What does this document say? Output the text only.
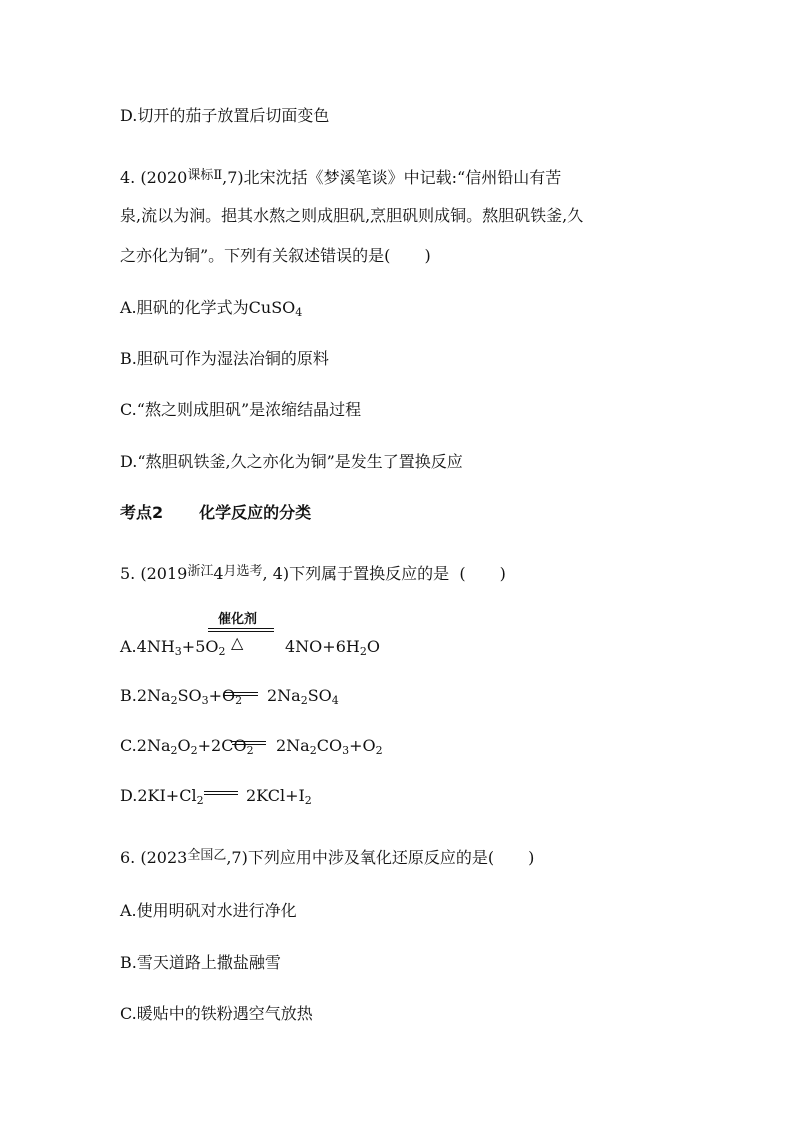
D.切开的茄子放置后切面变色
4. $(2020^{课标Ⅱ},7)$北宋沈括《梦溪笔谈》中记载:“信州铅山有苦
泉,流以为涧。挹其水熬之则成胆矾,烹胆矾则成铜。熬胆矾铁釜,久
之亦化为铜”。下列有关叙述错误的是( )
A.胆矾的化学式为CuSO$_4$
B.胆矾可作为湿法冶铜的原料
C.“熬之则成胆矾”是浓缩结晶过程
D.“熬胆矾铁釜,久之亦化为铜”是发生了置换反应
考点2 化学反应的分类
5. ($2019^{浙江}4^{月选考}$, 4)下列属于置换反应的是 ( )
$A.4NH_3+5O_2$
催化剂
△	$4NO+6H_2O$
$B.2Na_2SO_3+O_2$ $2Na_2SO_4$
$C.2Na_2O_2+2CO_2$ $2Na_2CO_3+O_2$
$D.2KI+Cl_2$	$2KCl+I_2$
6. $(2023^{全国乙},7)$下列应用中涉及氧化还原反应的是( )
A.使用明矾对水进行净化
B.雪天道路上撒盐融雪
C.暖贴中的铁粉遇空气放热
